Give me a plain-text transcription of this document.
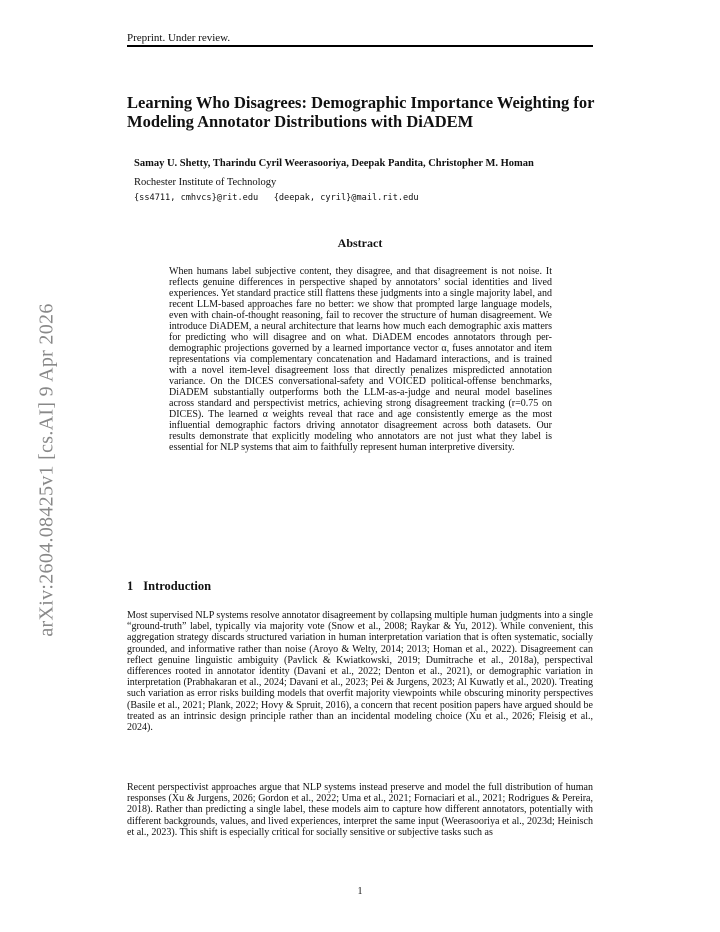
Preprint. Under review.
Learning Who Disagrees: Demographic Importance Weighting for Modeling Annotator Distributions with DiADEM
Samay U. Shetty, Tharindu Cyril Weerasooriya, Deepak Pandita, Christopher M. Homan
Rochester Institute of Technology
{ss4711, cmhvcs}@rit.edu   {deepak, cyril}@mail.rit.edu
Abstract

When humans label subjective content, they disagree, and that disagreement is not noise. It reflects genuine differences in perspective shaped by annotators’ social identities and lived experiences. Yet standard practice still flattens these judgments into a single majority label, and recent LLM-based approaches fare no better: we show that prompted large language models, even with chain-of-thought reasoning, fail to recover the structure of human disagreement. We introduce DiADEM, a neural architecture that learns how much each demographic axis matters for predicting who will disagree and on what. DiADEM encodes annotators through per-demographic projections governed by a learned importance vector α, fuses annotator and item representations via complementary concatenation and Hadamard interactions, and is trained with a novel item-level disagreement loss that directly penalizes mispredicted annotation variance. On the DICES conversational-safety and VOICED political-offense benchmarks, DiADEM substantially outperforms both the LLM-as-a-judge and neural model baselines across standard and perspectivist metrics, achieving strong disagreement tracking (r=0.75 on DICES). The learned α weights reveal that race and age consistently emerge as the most influential demographic factors driving annotator disagreement across both datasets. Our results demonstrate that explicitly modeling who annotators are not just what they label is essential for NLP systems that aim to faithfully represent human interpretive diversity.

arXiv:2604.08425v1 [cs.AI] 9 Apr 2026	1 Introduction

Most supervised NLP systems resolve annotator disagreement by collapsing multiple human judgments into a single “ground-truth” label, typically via majority vote (Snow et al., 2008; Raykar & Yu, 2012). While convenient, this aggregation strategy discards structured variation in human interpretation variation that is often systematic, socially grounded, and informative rather than noise (Aroyo & Welty, 2014; 2013; Homan et al., 2022). Disagreement can reflect genuine linguistic ambiguity (Pavlick & Kwiatkowski, 2019; Dumitrache et al., 2018a), perspectival differences rooted in annotator identity (Davani et al., 2022; Denton et al., 2021), or demographic variation in interpretation (Prabhakaran et al., 2024; Davani et al., 2023; Pei & Jurgens, 2023; Al Kuwatly et al., 2020). Treating such variation as error risks building models that overfit majority viewpoints while obscuring minority perspectives (Basile et al., 2021; Plank, 2022; Hovy & Spruit, 2016), a concern that recent position papers have argued should be treated as an intrinsic design principle rather than an incidental modeling choice (Xu et al., 2026; Fleisig et al., 2024).

Recent perspectivist approaches argue that NLP systems instead preserve and model the full distribution of human responses (Xu & Jurgens, 2026; Gordon et al., 2022; Uma et al., 2021; Fornaciari et al., 2021; Rodrigues & Pereira, 2018). Rather than predicting a single label, these models aim to capture how different annotators, potentially with different backgrounds, values, and lived experiences, interpret the same input (Weerasooriya et al., 2023d; Heinisch et al., 2023). This shift is especially critical for socially sensitive or subjective tasks such as

1
